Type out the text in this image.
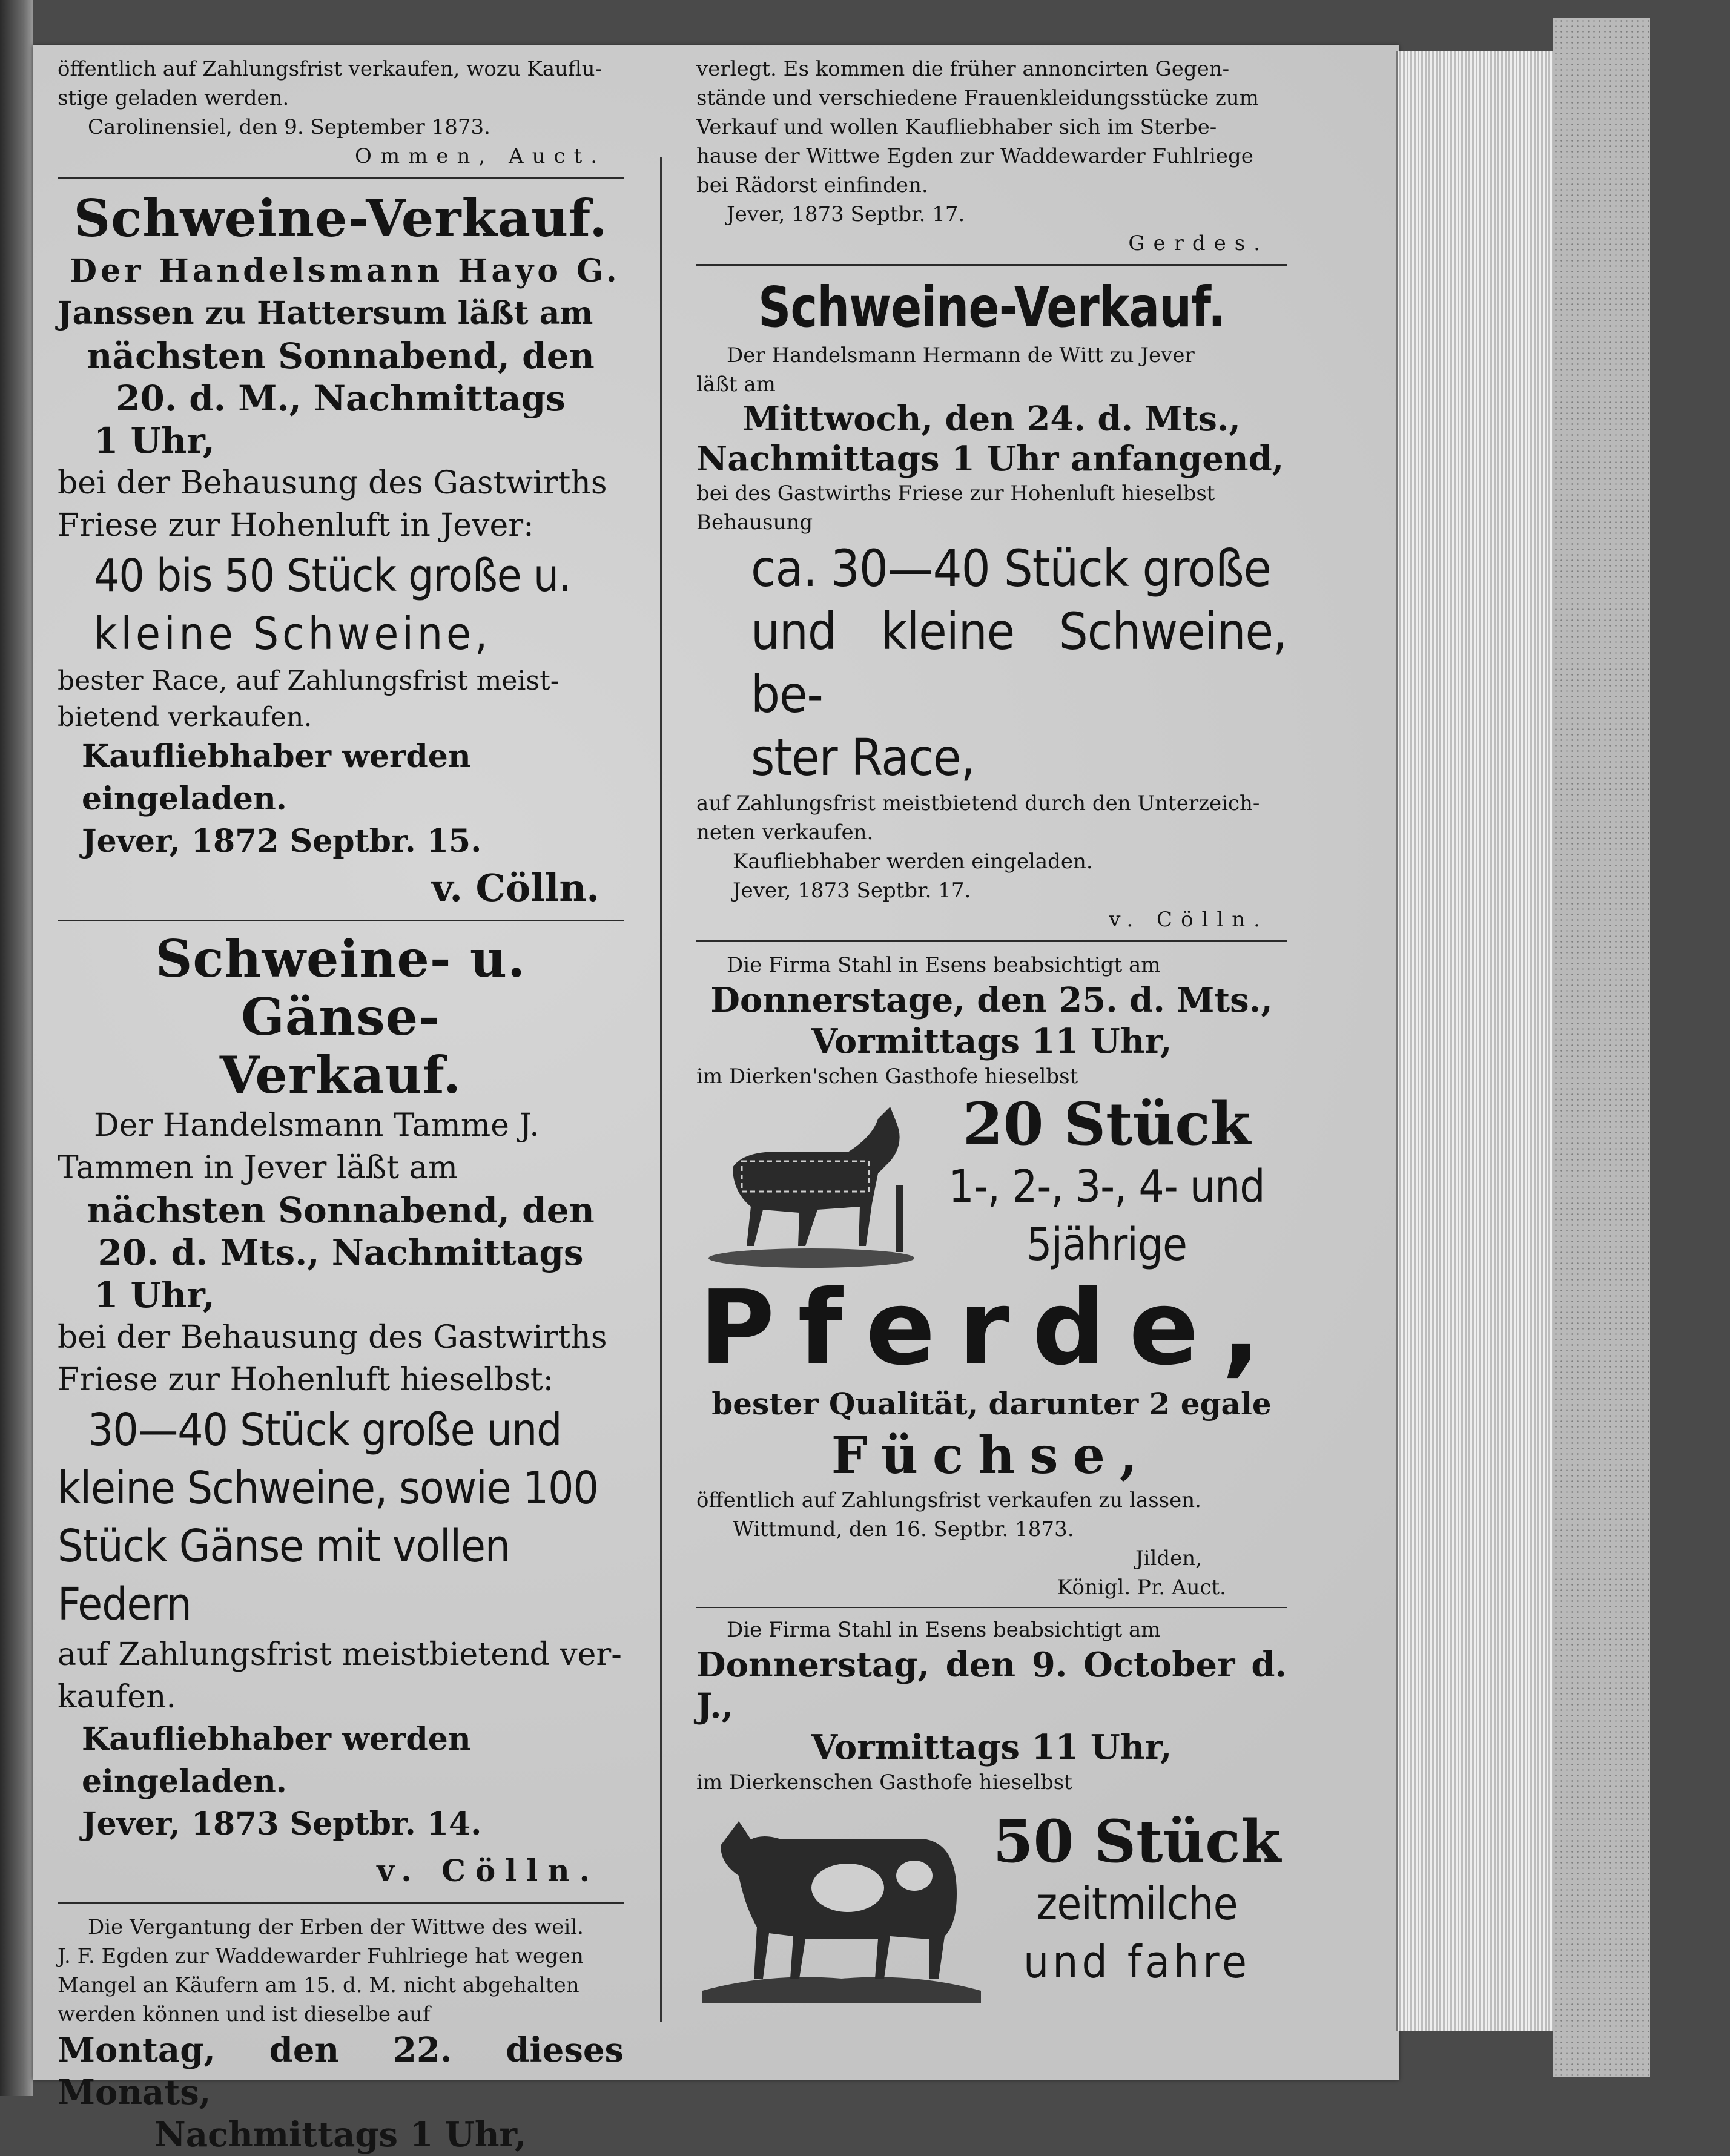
öffentlich auf Zahlungsfrist verkaufen, wozu Kauflu-
stige geladen werden.
Carolinensiel, den 9. September 1873.
Ommen, Auct.
Schweine-Verkauf.
Der Handelsmann Hayo G.
Janssen zu Hattersum läßt am
nächsten Sonnabend, den
20. d. M., Nachmittags
1 Uhr,
bei der Behausung des Gastwirths
Friese zur Hohenluft in Jever:
40 bis 50 Stück große u.
kleine Schweine,
bester Race, auf Zahlungsfrist meist-
bietend verkaufen.
Kaufliebhaber werden eingeladen.
Jever, 1872 Septbr. 15.
v. Cölln.
Schweine- u. Gänse-
Verkauf.
Der Handelsmann Tamme J.
Tammen in Jever läßt am
nächsten Sonnabend, den
20. d. Mts., Nachmittags
1 Uhr,
bei der Behausung des Gastwirths
Friese zur Hohenluft hieselbst:
30—40 Stück große und
kleine Schweine, sowie 100
Stück Gänse mit vollen
Federn
auf Zahlungsfrist meistbietend ver-
kaufen.
Kaufliebhaber werden eingeladen.
Jever, 1873 Septbr. 14.
v. Cölln.
Die Vergantung der Erben der Wittwe des weil.
J. F. Egden zur Waddewarder Fuhlriege hat wegen
Mangel an Käufern am 15. d. M. nicht abgehalten
werden können und ist dieselbe auf
Montag, den 22. dieses Monats,
Nachmittags 1 Uhr,
verlegt. Es kommen die früher annoncirten Gegen-
stände und verschiedene Frauenkleidungsstücke zum
Verkauf und wollen Kaufliebhaber sich im Sterbe-
hause der Wittwe Egden zur Waddewarder Fuhlriege
bei Rädorst einfinden.
Jever, 1873 Septbr. 17.
Gerdes.
Schweine-Verkauf.
Der Handelsmann Hermann de Witt zu Jever
läßt am
Mittwoch, den 24. d. Mts.,
Nachmittags 1 Uhr anfangend,
bei des Gastwirths Friese zur Hohenluft hieselbst
Behausung
ca. 30—40 Stück große
und kleine Schweine, be-
ster Race,
auf Zahlungsfrist meistbietend durch den Unterzeich-
neten verkaufen.
Kaufliebhaber werden eingeladen.
Jever, 1873 Septbr. 17.
v. Cölln.
Die Firma Stahl in Esens beabsichtigt am
Donnerstage, den 25. d. Mts.,
Vormittags 11 Uhr,
im Dierken'schen Gasthofe hieselbst
20 Stück
1-, 2-, 3-, 4- und
5jährige
Pferde,
bester Qualität, darunter 2 egale
Füchse,
öffentlich auf Zahlungsfrist verkaufen zu lassen.
Wittmund, den 16. Septbr. 1873.
Jilden,
Königl. Pr. Auct.
Die Firma Stahl in Esens beabsichtigt am
Donnerstag, den 9. October d. J.,
Vormittags 11 Uhr,
im Dierkenschen Gasthofe hieselbst
50 Stück
zeitmilche
und fahre
